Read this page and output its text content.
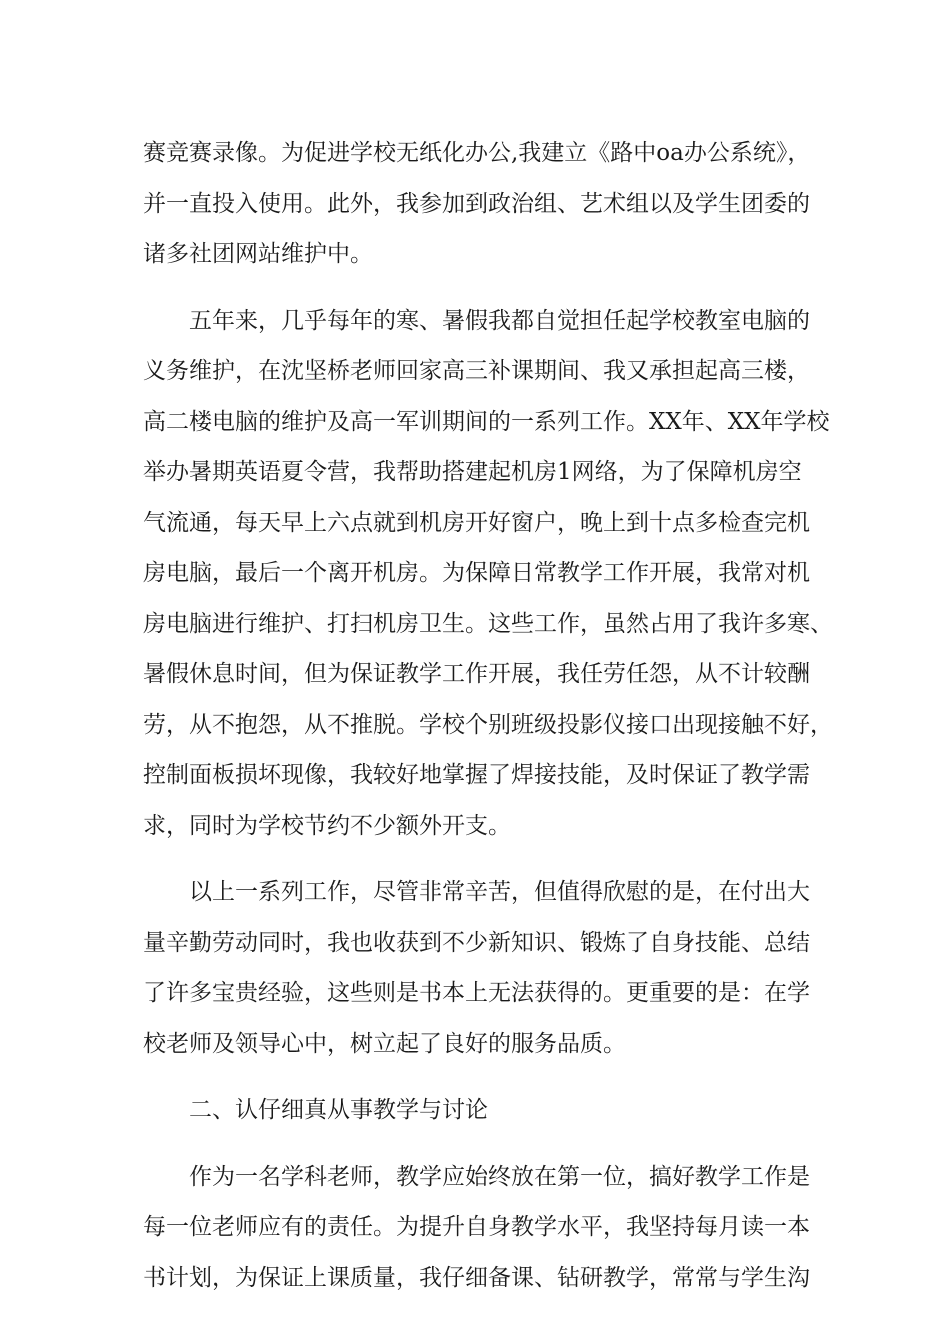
赛竞赛录像。为促进学校无纸化办公,我建立《路中oa办公系统》，
并一直投入使用。此外，我参加到政治组、艺术组以及学生团委的
诸多社团网站维护中。
五年来，几乎每年的寒、暑假我都自觉担任起学校教室电脑的
义务维护，在沈坚桥老师回家高三补课期间、我又承担起高三楼，
高二楼电脑的维护及高一军训期间的一系列工作。XX年、XX年学校
举办暑期英语夏令营，我帮助搭建起机房1网络，为了保障机房空
气流通，每天早上六点就到机房开好窗户，晚上到十点多检查完机
房电脑，最后一个离开机房。为保障日常教学工作开展，我常对机
房电脑进行维护、打扫机房卫生。这些工作，虽然占用了我许多寒、
暑假休息时间，但为保证教学工作开展，我任劳任怨，从不计较酬
劳，从不抱怨，从不推脱。学校个别班级投影仪接口出现接触不好，
控制面板损坏现像，我较好地掌握了焊接技能，及时保证了教学需
求，同时为学校节约不少额外开支。
以上一系列工作，尽管非常辛苦，但值得欣慰的是，在付出大
量辛勤劳动同时，我也收获到不少新知识、锻炼了自身技能、总结
了许多宝贵经验，这些则是书本上无法获得的。更重要的是：在学
校老师及领导心中，树立起了良好的服务品质。
二、认仔细真从事教学与讨论
作为一名学科老师，教学应始终放在第一位，搞好教学工作是
每一位老师应有的责任。为提升自身教学水平，我坚持每月读一本
书计划，为保证上课质量，我仔细备课、钻研教学，常常与学生沟
